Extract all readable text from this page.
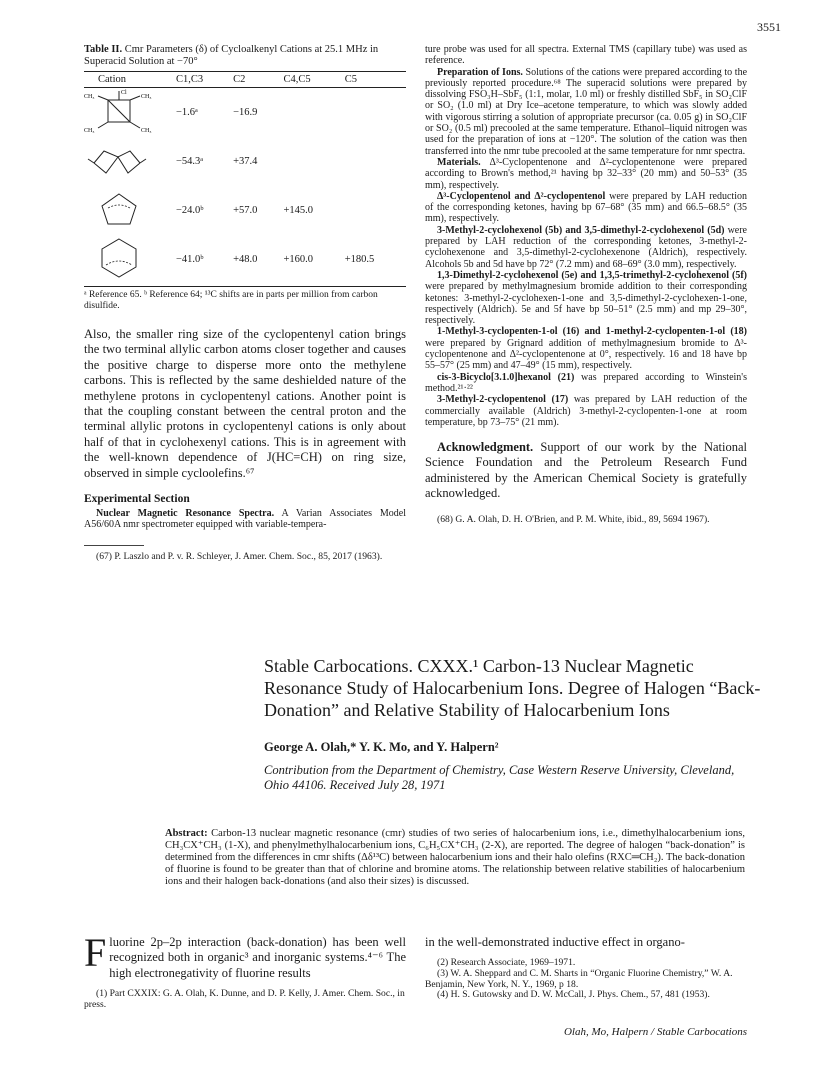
3551
Table II. Cmr Parameters (δ) of Cycloalkenyl Cations at 25.1 MHz in Superacid Solution at −70°
Cation	C1,C3	C2	C4,C5	C5

CH₃ CH₃
CH₃ CH₃
Cl	−1.6ᵃ	−16.9		
	−54.3ᵃ	+37.4		
	−24.0ᵇ	+57.0	+145.0	
	−41.0ᵇ	+48.0	+160.0	+180.5
ᵃ Reference 65. ᵇ Reference 64; ¹³C shifts are in parts per million from carbon disulfide.

Also, the smaller ring size of the cyclopentenyl cation brings the two terminal allylic carbon atoms closer together and causes the positive charge to disperse more onto the methylene carbons. This is reflected by the same deshielded nature of the methylene protons in cyclopentenyl cations. Another point is that the coupling constant between the central proton and the terminal allylic protons in cyclopentenyl cations is only about half of that in cyclohexenyl cations. This is in agreement with the well-known dependence of J(HC=CH) on ring size, observed in simple cycloolefins.⁶⁷

Experimental Section

Nuclear Magnetic Resonance Spectra. A Varian Associates Model A56/60A nmr spectrometer equipped with variable-tempera-

(67) P. Laszlo and P. v. R. Schleyer, J. Amer. Chem. Soc., 85, 2017 (1963).

ture probe was used for all spectra. External TMS (capillary tube) was used as reference.

Preparation of Ions. Solutions of the cations were prepared according to the previously reported procedure.⁶⁸ The superacid solutions were prepared by dissolving FSO₃H–SbF₅ (1:1, molar, 1.0 ml) or freshly distilled SbF₅ in SO₂ClF or SO₂ (1.0 ml) at Dry Ice–acetone temperature, to which was slowly added with vigorous stirring a solution of appropriate precursor (ca. 0.05 g) in SO₂ClF or SO₂ (0.5 ml) precooled at the same temperature. Ethanol–liquid nitrogen was used for the preparation of ions at −120°. The solution of the cation was then transferred into the nmr tube precooled at the same temperature for nmr spectra.

Materials. Δ³-Cyclopentenone and Δ²-cyclopentenone were prepared according to Brown's method,²¹ having bp 32–33° (20 mm) and 50–53° (35 mm), respectively.

Δ³-Cyclopentenol and Δ²-cyclopentenol were prepared by LAH reduction of the corresponding ketones, having bp 67–68° (35 mm) and 66.5–68.5° (35 mm), respectively.

3-Methyl-2-cyclohexenol (5b) and 3,5-dimethyl-2-cyclohexenol (5d) were prepared by LAH reduction of the corresponding ketones, 3-methyl-2-cyclohexenone and 3,5-dimethyl-2-cyclohexenone (Aldrich), respectively. Alcohols 5b and 5d have bp 72° (7.2 mm) and 68–69° (3.0 mm), respectively.

1,3-Dimethyl-2-cyclohexenol (5e) and 1,3,5-trimethyl-2-cyclohexenol (5f) were prepared by methylmagnesium bromide addition to their corresponding ketones: 3-methyl-2-cyclohexen-1-one and 3,5-dimethyl-2-cyclohexen-1-one, respectively (Aldrich). 5e and 5f have bp 50–51° (2.5 mm) and mp 29–30°, respectively.

1-Methyl-3-cyclopenten-1-ol (16) and 1-methyl-2-cyclopenten-1-ol (18) were prepared by Grignard addition of methylmagnesium bromide to Δ³-cyclopentenone and Δ²-cyclopentenone at 0°, respectively. 16 and 18 have bp 55–57° (25 mm) and 47–49° (15 mm), respectively.

cis-3-Bicyclo[3.1.0]hexanol (21) was prepared according to Winstein's method.²¹·²²

3-Methyl-2-cyclopentenol (17) was prepared by LAH reduction of the commercially available (Aldrich) 3-methyl-2-cyclopenten-1-one at room temperature, bp 73–75° (21 mm).

Acknowledgment. Support of our work by the National Science Foundation and the Petroleum Research Fund administered by the American Chemical Society is gratefully acknowledged.

(68) G. A. Olah, D. H. O'Brien, and P. M. White, ibid., 89, 5694 1967).

Stable Carbocations. CXXX.¹ Carbon-13 Nuclear Magnetic Resonance Study of Halocarbenium Ions. Degree of Halogen “Back-Donation” and Relative Stability of Halocarbenium Ions
George A. Olah,* Y. K. Mo, and Y. Halpern²
Contribution from the Department of Chemistry, Case Western Reserve University, Cleveland, Ohio 44106. Received July 28, 1971

Abstract: Carbon-13 nuclear magnetic resonance (cmr) studies of two series of halocarbenium ions, i.e., dimethylhalocarbenium ions, CH₃CX⁺CH₃ (1-X), and phenylmethylhalocarbenium ions, C₆H₅CX⁺CH₃ (2-X), are reported. The degree of halogen “back-donation” is determined from the differences in cmr shifts (Δδ¹³C) between halocarbenium ions and their halo olefins (RXC═CH₂). The back-donation of fluorine is found to be greater than that of chlorine and bromine atoms. The relationship between relative stabilities of halocarbenium ions and their halogen back-donations (and also their sizes) is discussed.

Fluorine 2p–2p interaction (back-donation) has been well recognized both in organic³ and inorganic systems.⁴⁻⁶ The high electronegativity of fluorine results

(1) Part CXXIX: G. A. Olah, K. Dunne, and D. P. Kelly, J. Amer. Chem. Soc., in press.

in the well-demonstrated inductive effect in organo-

(2) Research Associate, 1969–1971.

(3) W. A. Sheppard and C. M. Sharts in “Organic Fluorine Chemistry,” W. A. Benjamin, New York, N. Y., 1969, p 18.

(4) H. S. Gutowsky and D. W. McCall, J. Phys. Chem., 57, 481 (1953).

Olah, Mo, Halpern / Stable Carbocations
